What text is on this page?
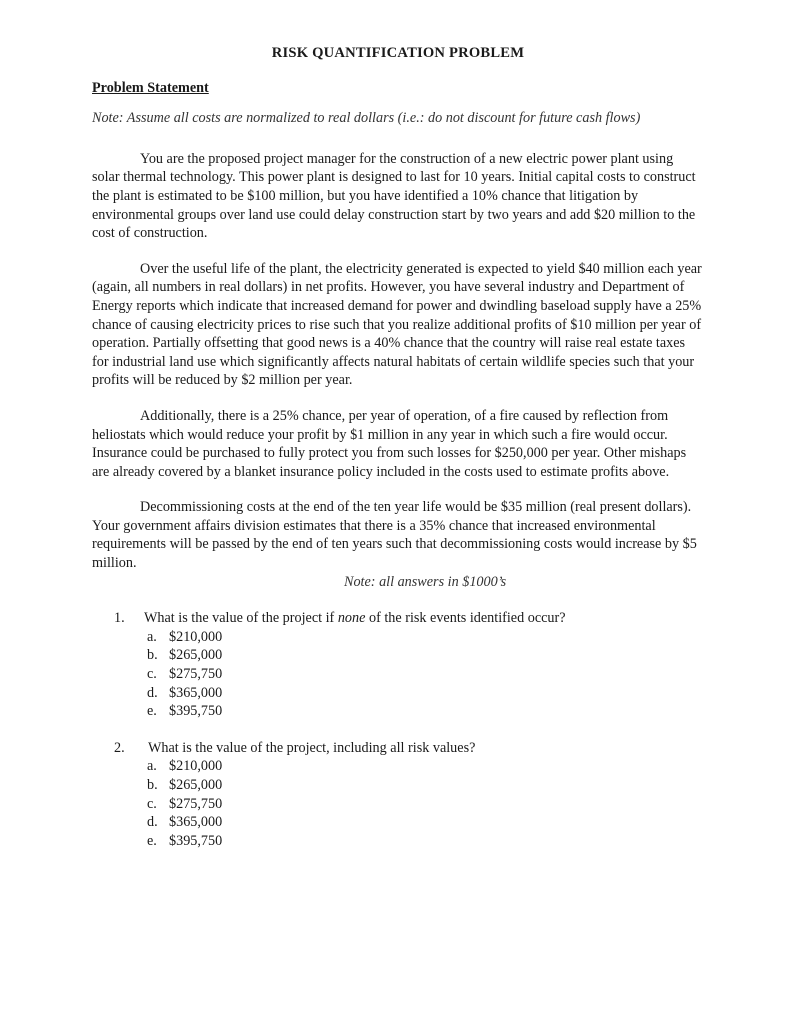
RISK QUANTIFICATION PROBLEM
Problem Statement
Note: Assume all costs are normalized to real dollars (i.e.: do not discount for future cash flows)

You are the proposed project manager for the construction of a new electric power plant using solar thermal technology. This power plant is designed to last for 10 years. Initial capital costs to construct the plant is estimated to be $100 million, but you have identified a 10% chance that litigation by environmental groups over land use could delay construction start by two years and add $20 million to the cost of construction.

Over the useful life of the plant, the electricity generated is expected to yield $40 million each year (again, all numbers in real dollars) in net profits. However, you have several industry and Department of Energy reports which indicate that increased demand for power and dwindling baseload supply have a 25% chance of causing electricity prices to rise such that you realize additional profits of $10 million per year of operation. Partially offsetting that good news is a 40% chance that the country will raise real estate taxes for industrial land use which significantly affects natural habitats of certain wildlife species such that your profits will be reduced by $2 million per year.

Additionally, there is a 25% chance, per year of operation, of a fire caused by reflection from heliostats which would reduce your profit by $1 million in any year in which such a fire would occur. Insurance could be purchased to fully protect you from such losses for $250,000 per year. Other mishaps are already covered by a blanket insurance policy included in the costs used to estimate profits above.

Decommissioning costs at the end of the ten year life would be $35 million (real present dollars). Your government affairs division estimates that there is a 35% chance that increased environmental requirements will be passed by the end of ten years such that decommissioning costs would increase by $5 million.

Note: all answers in $1000’s
1.	What is the value of the project if none of the risk events identified occur?
a. $210,000
b. $265,000
c. $275,750
d. $365,000
e. $395,750
2.	What is the value of the project, including all risk values?
a. $210,000
b. $265,000
c. $275,750
d. $365,000
e. $395,750
